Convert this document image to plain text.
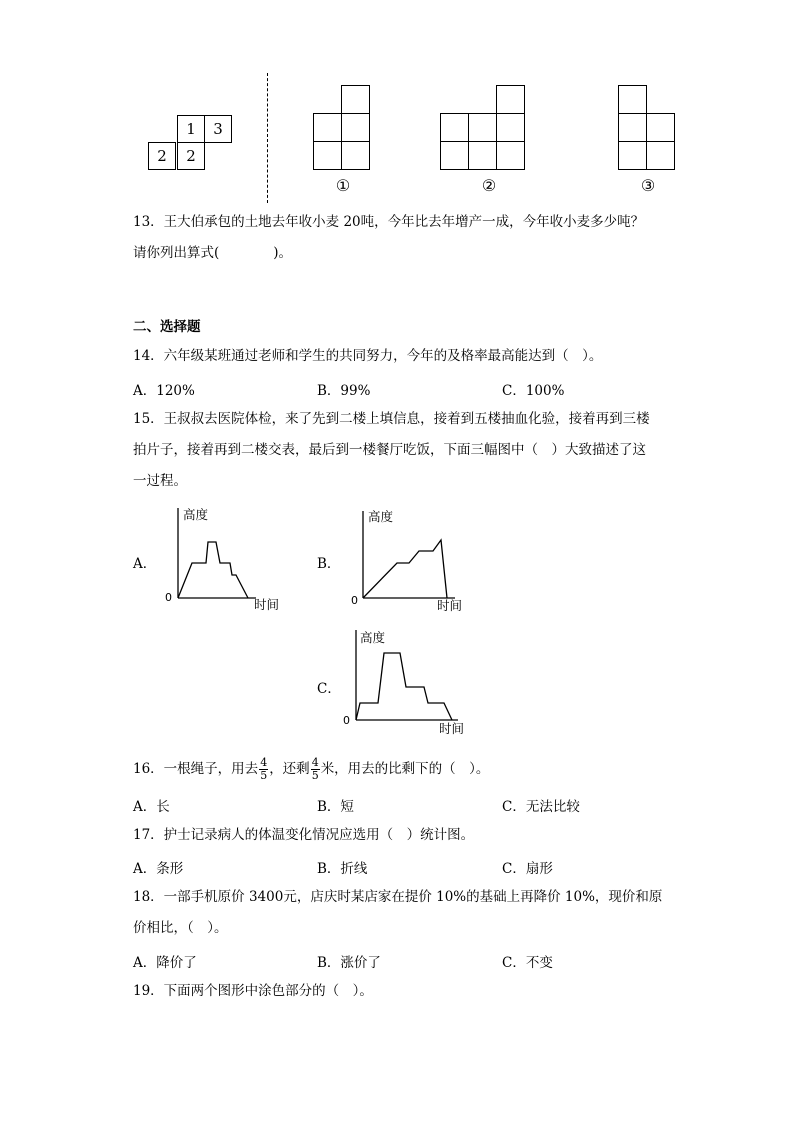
1	3
2	2
①	②	③
13．王大伯承包的土地去年收小麦 20吨，今年比去年增产一成，今年收小麦多少吨？
请你列出算式(　　　　)。
二、选择题
14．六年级某班通过老师和学生的共同努力，今年的及格率最高能达到（　）。
A．120%	B．99%	C．100%
15．王叔叔去医院体检，来了先到二楼上填信息，接着到五楼抽血化验，接着再到三楼
拍片子，接着再到二楼交表，最后到一楼餐厅吃饭，下面三幅图中（　）大致描述了这
一过程。
A．
高度
时间
0
B．
高度
时间
0
C．
高度
时间
0
16．一根绳子，用去 $\frac{4}{5}$ ，还剩 $\frac{4}{5}$ 米，用去的比剩下的（　）。
A．长	B．短	C．无法比较
17．护士记录病人的体温变化情况应选用（　）统计图。
A．条形	B．折线	C．扇形
18．一部手机原价 3400元，店庆时某店家在提价 10%的基础上再降价 10%，现价和原
价相比，（　）。
A．降价了	B．涨价了	C．不变
19．下面两个图形中涂色部分的（　）。
